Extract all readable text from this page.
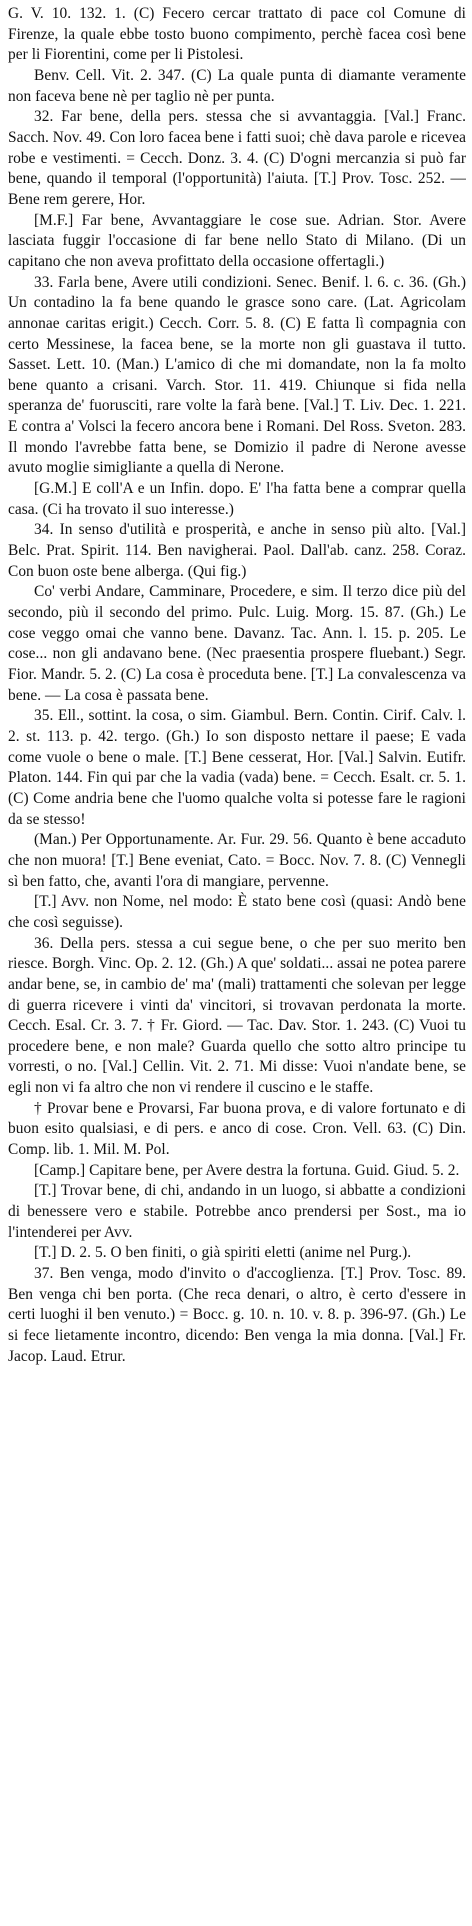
G. V. 10. 132. 1. (C) Fecero cercar trattato di pace col Comune di Firenze, la quale ebbe tosto buono compimento, perchè facea così bene per li Fiorentini, come per li Pistolesi.

Benv. Cell. Vit. 2. 347. (C) La quale punta di diamante veramente non faceva bene nè per taglio nè per punta.

32. Far bene, della pers. stessa che si avvantaggia. [Val.] Franc. Sacch. Nov. 49. Con loro facea bene i fatti suoi; chè dava parole e ricevea robe e vestimenti. = Cecch. Donz. 3. 4. (C) D'ogni mercanzia si può far bene, quando il temporal (l'opportunità) l'aiuta. [T.] Prov. Tosc. 252. — Bene rem gerere, Hor.

[M.F.] Far bene, Avvantaggiare le cose sue. Adrian. Stor. Avere lasciata fuggir l'occasione di far bene nello Stato di Milano. (Di un capitano che non aveva profittato della occasione offertagli.)

33. Farla bene, Avere utili condizioni. Senec. Benif. l. 6. c. 36. (Gh.) Un contadino la fa bene quando le grasce sono care. (Lat. Agricolam annonae caritas erigit.) Cecch. Corr. 5. 8. (C) E fatta lì compagnia con certo Messinese, la facea bene, se la morte non gli guastava il tutto. Sasset. Lett. 10. (Man.) L'amico di che mi domandate, non la fa molto bene quanto a crisani. Varch. Stor. 11. 419. Chiunque si fida nella speranza de' fuorusciti, rare volte la farà bene. [Val.] T. Liv. Dec. 1. 221. E contra a' Volsci la fecero ancora bene i Romani. Del Ross. Sveton. 283. Il mondo l'avrebbe fatta bene, se Domizio il padre di Nerone avesse avuto moglie simigliante a quella di Nerone.

[G.M.] E coll'A e un Infin. dopo. E' l'ha fatta bene a comprar quella casa. (Ci ha trovato il suo interesse.)

34. In senso d'utilità e prosperità, e anche in senso più alto. [Val.] Belc. Prat. Spirit. 114. Ben navigherai. Paol. Dall'ab. canz. 258. Coraz. Con buon oste bene alberga. (Qui fig.)

Co' verbi Andare, Camminare, Procedere, e sim. Il terzo dice più del secondo, più il secondo del primo. Pulc. Luig. Morg. 15. 87. (Gh.) Le cose veggo omai che vanno bene. Davanz. Tac. Ann. l. 15. p. 205. Le cose... non gli andavano bene. (Nec praesentia prospere fluebant.) Segr. Fior. Mandr. 5. 2. (C) La cosa è proceduta bene. [T.] La convalescenza va bene. — La cosa è passata bene.

35. Ell., sottint. la cosa, o sim. Giambul. Bern. Contin. Cirif. Calv. l. 2. st. 113. p. 42. tergo. (Gh.) Io son disposto nettare il paese; E vada come vuole o bene o male. [T.] Bene cesserat, Hor. [Val.] Salvin. Eutifr. Platon. 144. Fin qui par che la vadia (vada) bene. = Cecch. Esalt. cr. 5. 1. (C) Come andria bene che l'uomo qualche volta si potesse fare le ragioni da se stesso!

(Man.) Per Opportunamente. Ar. Fur. 29. 56. Quanto è bene accaduto che non muora! [T.] Bene eveniat, Cato. = Bocc. Nov. 7. 8. (C) Vennegli sì ben fatto, che, avanti l'ora di mangiare, pervenne.

[T.] Avv. non Nome, nel modo: È stato bene così (quasi: Andò bene che così seguisse).

36. Della pers. stessa a cui segue bene, o che per suo merito ben riesce. Borgh. Vinc. Op. 2. 12. (Gh.) A que' soldati... assai ne potea parere andar bene, se, in cambio de' ma' (mali) trattamenti che solevan per legge di guerra ricevere i vinti da' vincitori, si trovavan perdonata la morte. Cecch. Esal. Cr. 3. 7. † Fr. Giord. — Tac. Dav. Stor. 1. 243. (C) Vuoi tu procedere bene, e non male? Guarda quello che sotto altro principe tu vorresti, o no. [Val.] Cellin. Vit. 2. 71. Mi disse: Vuoi n'andate bene, se egli non vi fa altro che non vi rendere il cuscino e le staffe.

† Provar bene e Provarsi, Far buona prova, e di valore fortunato e di buon esito qualsiasi, e di pers. e anco di cose. Cron. Vell. 63. (C) Din. Comp. lib. 1. Mil. M. Pol.

[Camp.] Capitare bene, per Avere destra la fortuna. Guid. Giud. 5. 2.

[T.] Trovar bene, di chi, andando in un luogo, si abbatte a condizioni di benessere vero e stabile. Potrebbe anco prendersi per Sost., ma io l'intenderei per Avv.

[T.] D. 2. 5. O ben finiti, o già spiriti eletti (anime nel Purg.).

37. Ben venga, modo d'invito o d'accoglienza. [T.] Prov. Tosc. 89. Ben venga chi ben porta. (Che reca denari, o altro, è certo d'essere in certi luoghi il ben venuto.) = Bocc. g. 10. n. 10. v. 8. p. 396-97. (Gh.) Le si fece lietamente incontro, dicendo: Ben venga la mia donna. [Val.] Fr. Jacop. Laud. Etrur.
